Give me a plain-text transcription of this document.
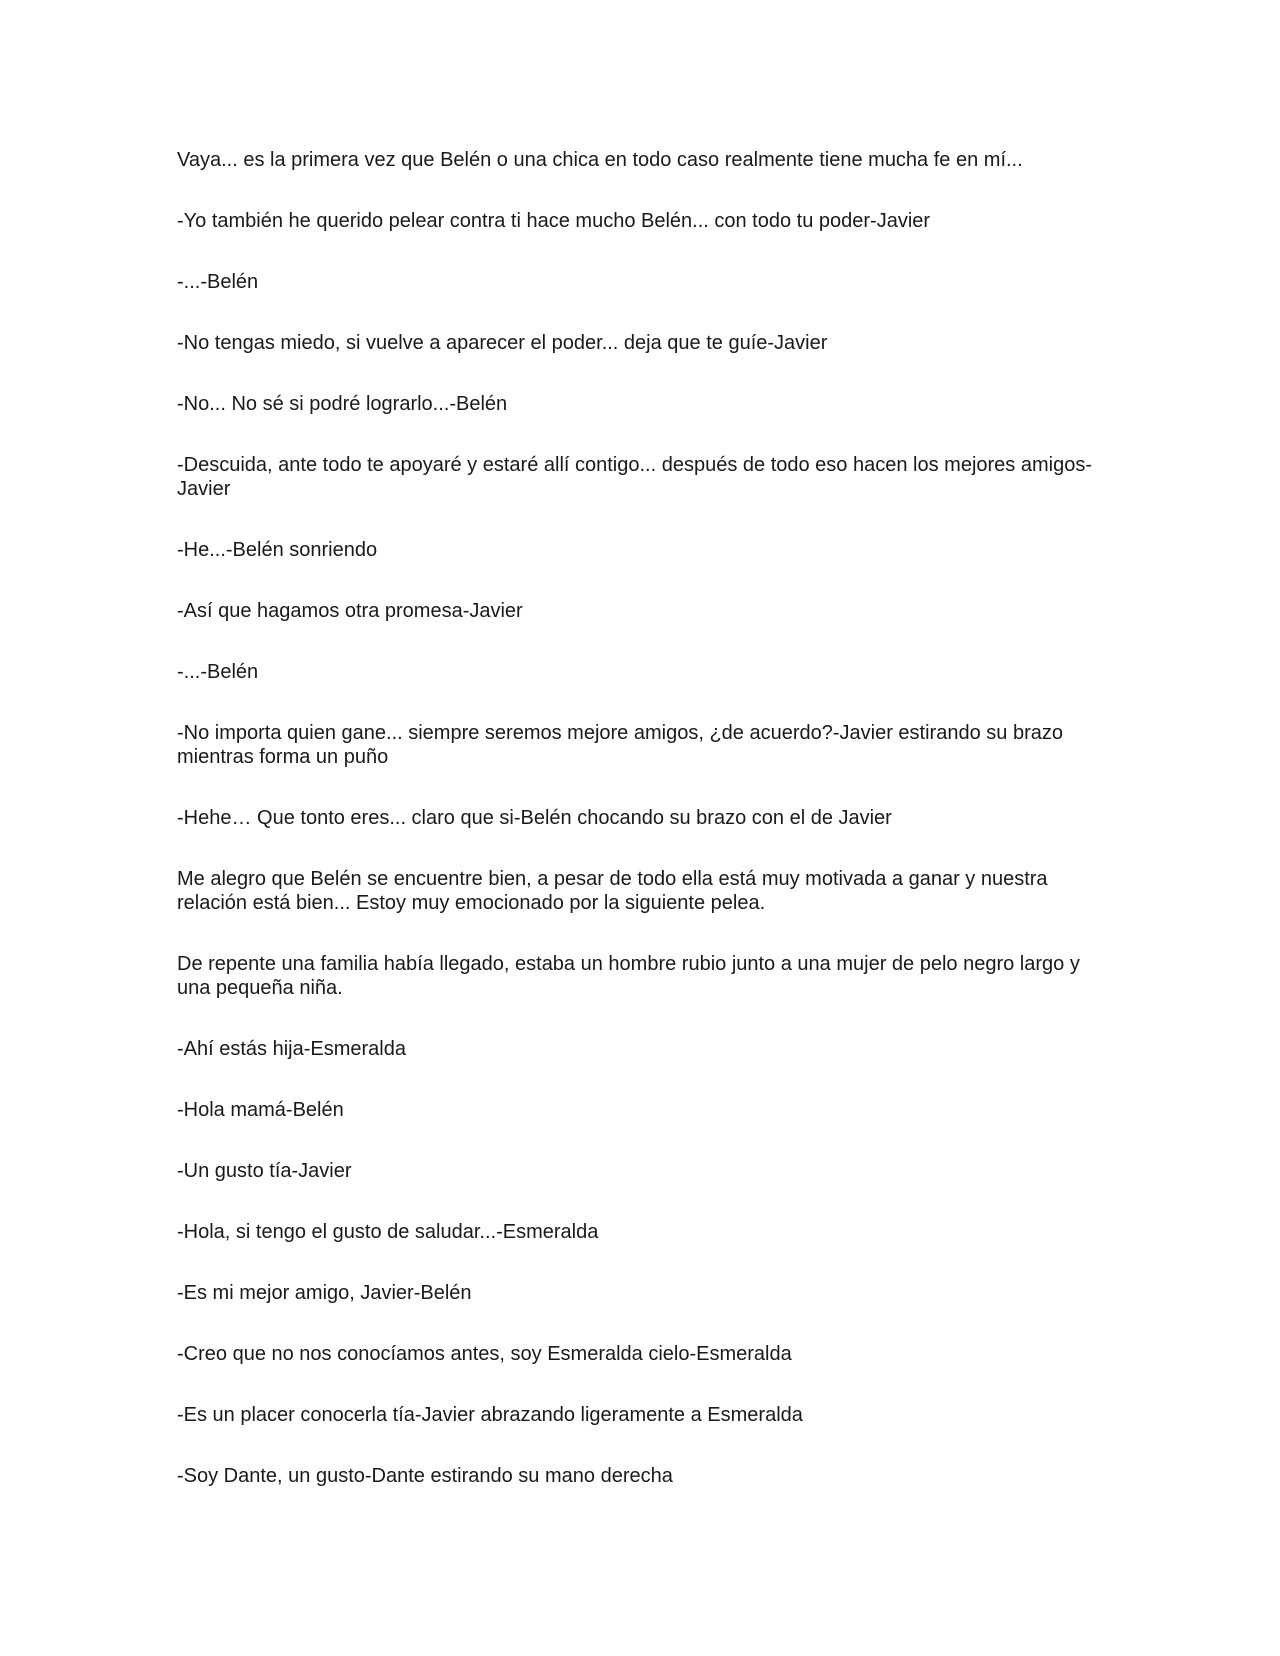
Vaya... es la primera vez que Belén o una chica en todo caso realmente tiene mucha fe en mí...

-Yo también he querido pelear contra ti hace mucho Belén... con todo tu poder-Javier

-...-Belén

-No tengas miedo, si vuelve a aparecer el poder... deja que te guíe-Javier

-No... No sé si podré lograrlo...-Belén

-Descuida, ante todo te apoyaré y estaré allí contigo... después de todo eso hacen los mejores amigos-Javier

-He...-Belén sonriendo

-Así que hagamos otra promesa-Javier

-...-Belén

-No importa quien gane... siempre seremos mejore amigos, ¿de acuerdo?-Javier estirando su brazo mientras forma un puño

-Hehe… Que tonto eres... claro que si-Belén chocando su brazo con el de Javier

Me alegro que Belén se encuentre bien, a pesar de todo ella está muy motivada a ganar y nuestra relación está bien... Estoy muy emocionado por la siguiente pelea.

De repente una familia había llegado, estaba un hombre rubio junto a una mujer de pelo negro largo y una pequeña niña.

-Ahí estás hija-Esmeralda

-Hola mamá-Belén

-Un gusto tía-Javier

-Hola, si tengo el gusto de saludar...-Esmeralda

-Es mi mejor amigo, Javier-Belén

-Creo que no nos conocíamos antes, soy Esmeralda cielo-Esmeralda

-Es un placer conocerla tía-Javier abrazando ligeramente a Esmeralda

-Soy Dante, un gusto-Dante estirando su mano derecha
